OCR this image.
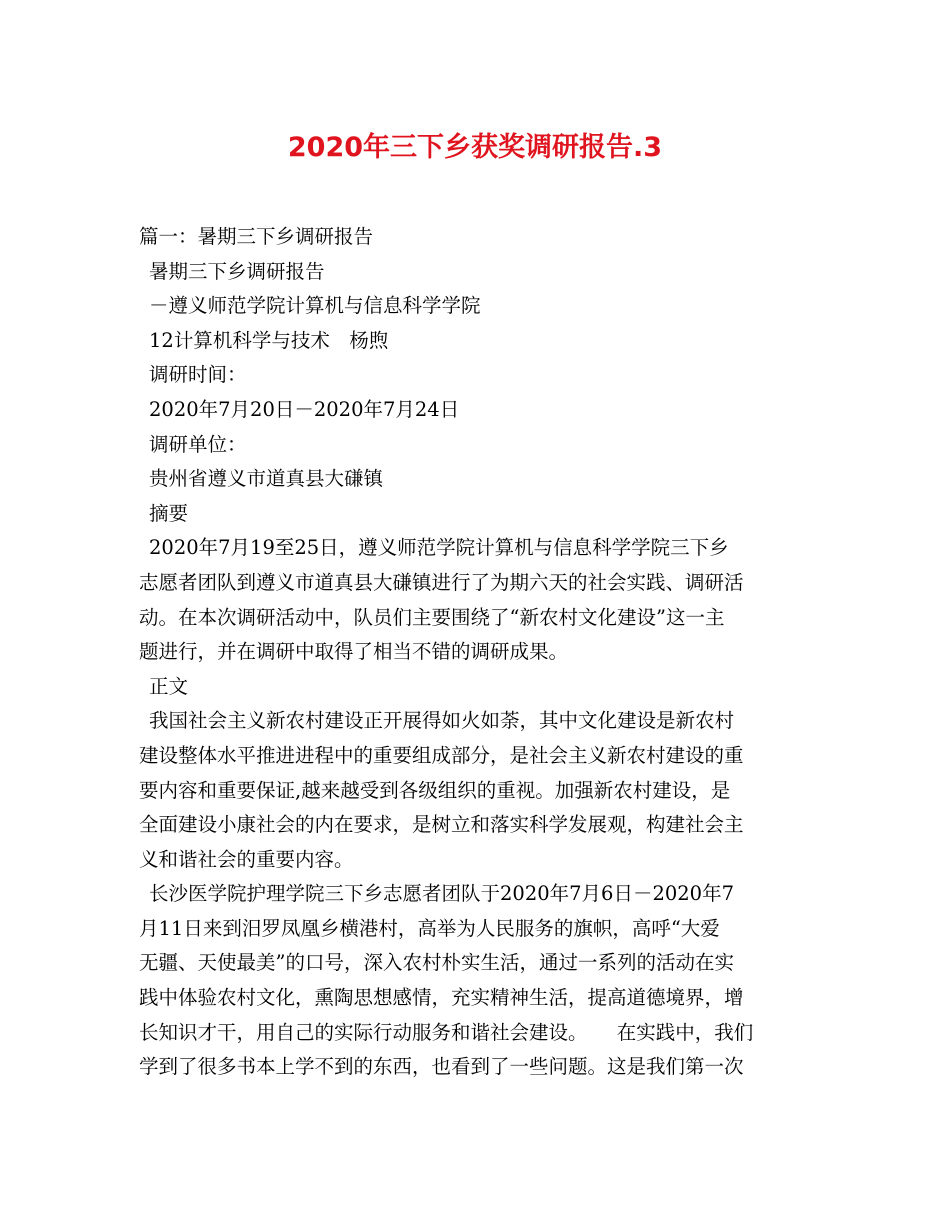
2020年三下乡获奖调研报告.3
篇一：暑期三下乡调研报告
暑期三下乡调研报告
－遵义师范学院计算机与信息科学学院
12计算机科学与技术　杨煦
调研时间：
2020年7月20日－2020年7月24日
调研单位：
贵州省遵义市道真县大磏镇
摘要
2020年7月19至25日，遵义师范学院计算机与信息科学学院三下乡
志愿者团队到遵义市道真县大磏镇进行了为期六天的社会实践、调研活
动。在本次调研活动中，队员们主要围绕了“新农村文化建设”这一主
题进行，并在调研中取得了相当不错的调研成果。
正文
我国社会主义新农村建设正开展得如火如荼，其中文化建设是新农村
建设整体水平推进进程中的重要组成部分，是社会主义新农村建设的重
要内容和重要保证,越来越受到各级组织的重视。加强新农村建设，是
全面建设小康社会的内在要求，是树立和落实科学发展观，构建社会主
义和谐社会的重要内容。
长沙医学院护理学院三下乡志愿者团队于2020年7月6日－2020年7
月11日来到汨罗凤凰乡横港村，高举为人民服务的旗帜，高呼“大爱
无疆、天使最美”的口号，深入农村朴实生活，通过一系列的活动在实
践中体验农村文化，熏陶思想感情，充实精神生活，提高道德境界，增
长知识才干，用自己的实际行动服务和谐社会建设。　　在实践中，我们
学到了很多书本上学不到的东西，也看到了一些问题。这是我们第一次
